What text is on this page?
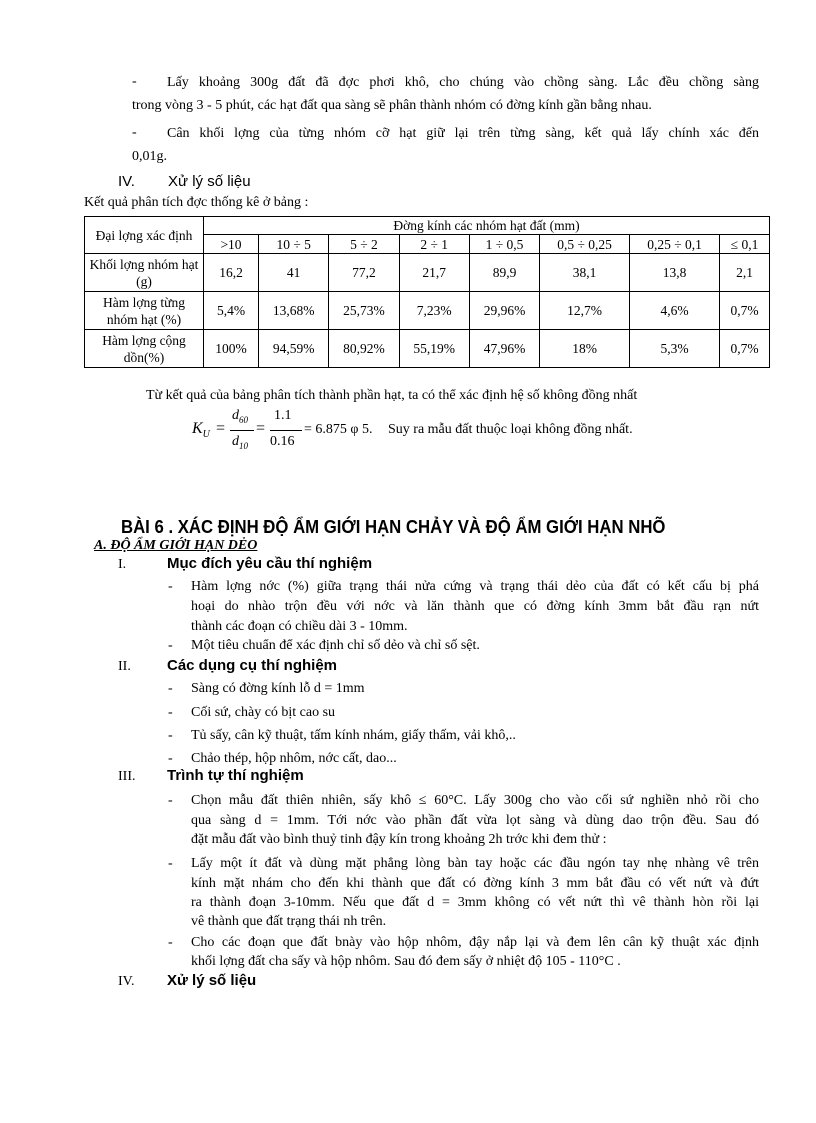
- Lấy khoảng 300g đất đã đợc phơi khô, cho chúng vào chồng sàng. Lắc đều chồng sàng
trong vòng 3 - 5 phút, các hạt đất qua sàng sẽ phân thành nhóm có đờng kính gần bằng nhau.
- Cân khối lợng của từng nhóm cỡ hạt giữ lại trên từng sàng, kết quả lấy chính xác đến
0,01g.
IV. Xử lý số liệu
Kết quả phân tích đợc thống kê ở bảng :
Đại lợng xác định	Đờng kính các nhóm hạt đất (mm)							
	>10	10 ÷ 5	5 ÷ 2	2 ÷ 1	1 ÷ 0,5	0,5 ÷ 0,25	0,25 ÷ 0,1	≤ 0,1
Khối lợng nhóm hạt (g)	16,2	41	77,2	21,7	89,9	38,1	13,8	2,1
Hàm lợng từng nhóm hạt (%)	5,4%	13,68%	25,73%	7,23%	29,96%	12,7%	4,6%	0,7%
Hàm lợng cộng dồn(%)	100%	94,59%	80,92%	55,19%	47,96%	18%	5,3%	0,7%
Từ kết quả của bảng phân tích thành phần hạt, ta có thể xác định hệ số không đồng nhất
$K_U$ =
$d_{60}$
$d_{10}$
=
1.1
0.16
= 6.875 φ 5. Suy ra mẫu đất thuộc loại không đồng nhất.
BÀI 6 . XÁC ĐỊNH ĐỘ ẨM GIỚI HẠN CHẢY VÀ ĐỘ ẨM GIỚI HẠN NHÕ
A. ĐỘ ẨM GIỚI HẠN DẺO
I.	Mục đích yêu cầu thí nghiệm
- Hàm lợng nớc (%) giữa trạng thái nửa cứng và trạng thái dẻo của đất có kết cấu bị phá
hoại do nhào trộn đều với nớc và lăn thành que có đờng kính 3mm bắt đầu rạn nứt
thành các đoạn có chiều dài 3 - 10mm.
- Một tiêu chuẩn để xác định chỉ số dẻo và chỉ số sệt.
II. Các dụng cụ thí nghiệm
- Sàng có đờng kính lỗ d = 1mm
- Cối sứ, chày có bịt cao su
- Tủ sấy, cân kỹ thuật, tấm kính nhám, giấy thấm, vải khô,..
- Chảo thép, hộp nhôm, nớc cất, dao...
III. Trình tự thí nghiệm
- Chọn mẫu đất thiên nhiên, sấy khô ≤ 60°C. Lấy 300g cho vào cối sứ nghiền nhỏ rồi cho
qua sàng d = 1mm. Tới nớc vào phần đất vừa lọt sàng và dùng dao trộn đều. Sau đó
đặt mẫu đất vào bình thuỷ tinh đậy kín trong khoảng 2h trớc khi đem thử :
- Lấy một ít đất và dùng mặt phẳng lòng bàn tay hoặc các đầu ngón tay nhẹ nhàng vê trên
kính mặt nhám cho đến khi thành que đất có đờng kính 3 mm bắt đầu có vết nứt và đứt
ra thành đoạn 3-10mm. Nếu que đất d = 3mm không có vết nứt thì vê thành hòn rồi lại
vê thành que đất trạng thái nh trên.
- Cho các đoạn que đất bnày vào hộp nhôm, đậy nắp lại và đem lên cân kỹ thuật xác định
khối lợng đất cha sấy và hộp nhôm. Sau đó đem sấy ở nhiệt độ 105 - 110°C .
IV. Xử lý số liệu
